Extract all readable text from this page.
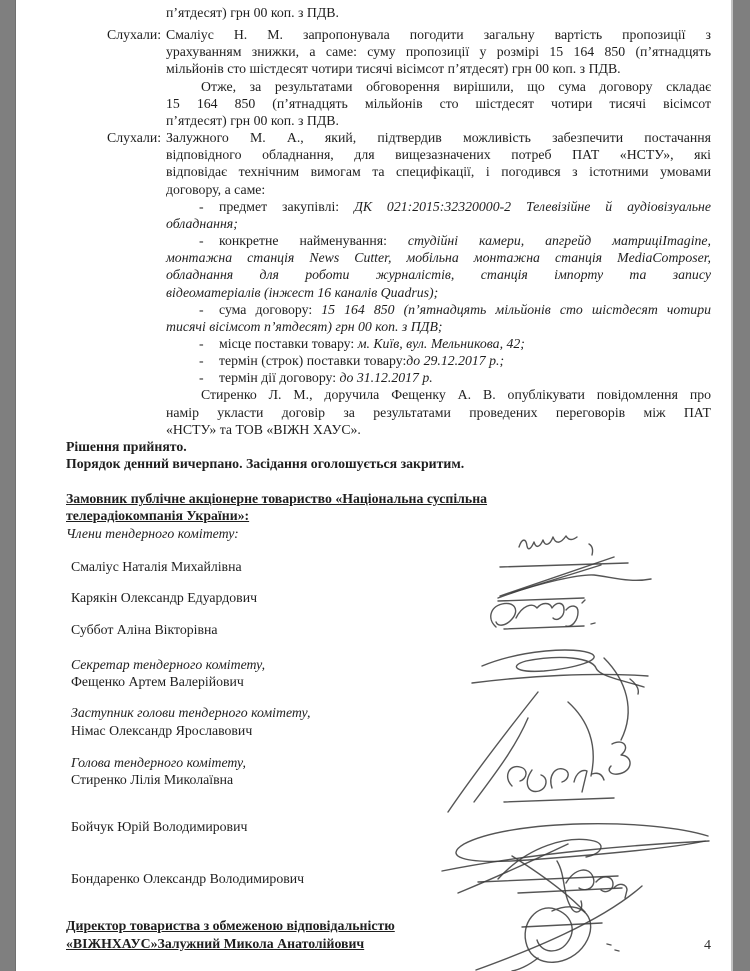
п’ятдесят) грн 00 коп. з ПДВ.
Слухали: Смаліус Н. М. запропонувала погодити загальну вартість пропозиції з
урахуванням знижки, а саме: суму пропозиції у розмірі 15 164 850 (п’ятнадцять
мільйонів сто шістдесят чотири тисячі вісімсот п’ятдесят) грн 00 коп. з ПДВ.
Отже, за результатами обговорення вирішили, що сума договору складає
15 164 850 (п’ятнадцять мільйонів сто шістдесят чотири тисячі вісімсот
п’ятдесят) грн 00 коп. з ПДВ.
Слухали: Залужного М. А., який, підтвердив можливість забезпечити постачання
відповідного обладнання, для вищезазначених потреб ПАТ «НСТУ», які
відповідає технічним вимогам та специфікації, і погодився з істотними умовами
договору, а саме:
- предмет закупівлі: ДК 021:2015:32320000-2 Телевізійне й аудіовізуальне
обладнання;
- конкретне найменування: студійні камери, апгрейд матриціImagine,
монтажна станція News Cutter, мобільна монтажна станція MediaComposer,
обладнання для роботи журналістів, станція імпорту та запису
відеоматеріалів (інжест 16 каналів Quadrus);
- сума договору: 15 164 850 (п’ятнадцять мільйонів сто шістдесят чотири
тисячі вісімсот п’ятдесят) грн 00 коп. з ПДВ;
- місце поставки товару: м. Київ, вул. Мельникова, 42;
- термін (строк) поставки товару:до 29.12.2017 р.;
- термін дії договору: до 31.12.2017 р.
Стиренко Л. М., доручила Фещенку А. В. опублікувати повідомлення про
намір укласти договір за результатами проведених переговорів між ПАТ
«НСТУ» та ТОВ «ВІЖН ХАУС».
Рішення прийнято.
Порядок денний вичерпано. Засідання оголошується закритим.
Замовник публічне акціонерне товариство «Національна суспільна
телерадіокомпанія України»:
Члени тендерного комітету:
Смаліус Наталія Михайлівна
Карякін Олександр Едуардович
Суббот Аліна Вікторівна
Секретар тендерного комітету,
Фещенко Артем Валерійович
Заступник голови тендерного комітету,
Німас Олександр Ярославович
Голова тендерного комітету,
Стиренко Лілія Миколаївна
Бойчук Юрій Володимирович
Бондаренко Олександр Володимирович
Директор товариства з обмеженою відповідальністю
«ВІЖНХАУС»Залужний Микола Анатолійович	4
